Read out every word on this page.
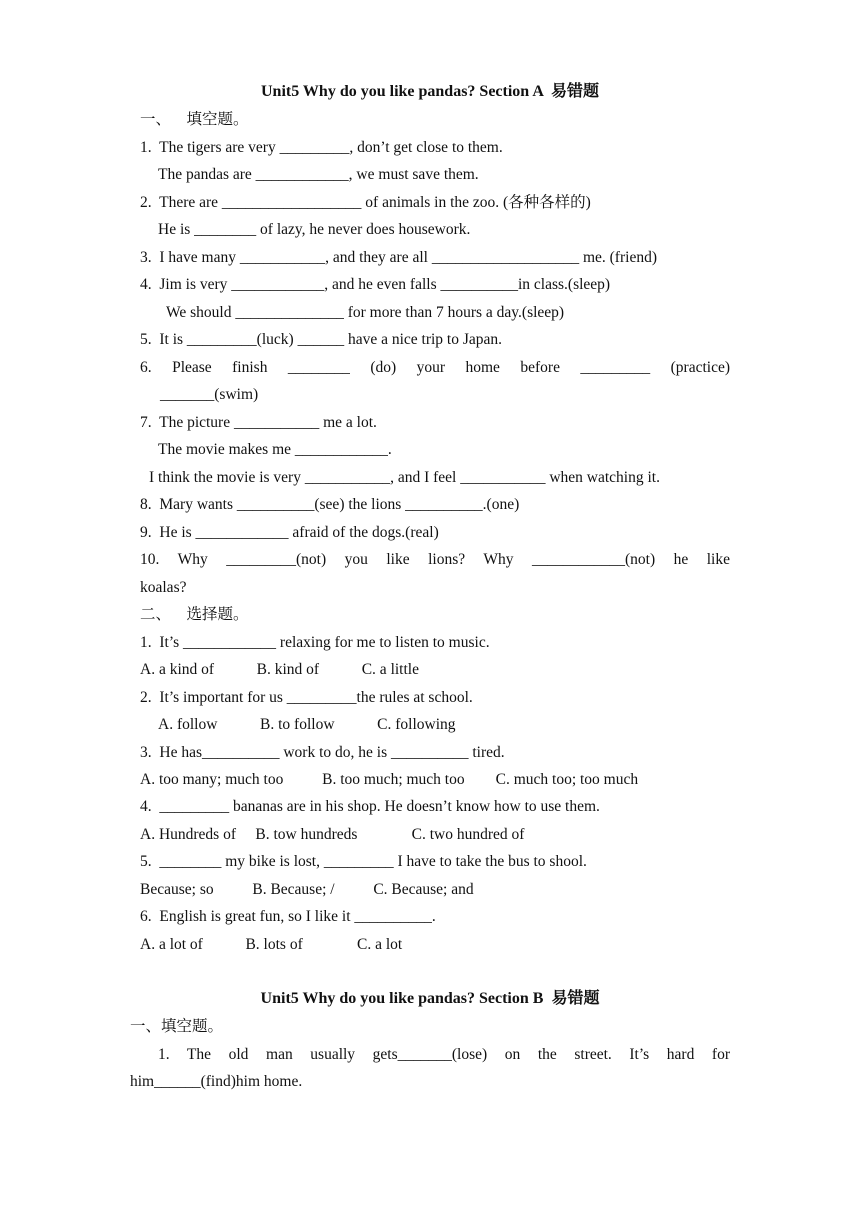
Unit5 Why do you like pandas? Section A  易错题
一、    填空题。
1.  The tigers are very _________, don’t get close to them.
The pandas are ____________, we must save them.
2.  There are __________________ of animals in the zoo. (各种各样的)
He is ________ of lazy, he never does housework.
3.  I have many ___________, and they are all ___________________ me. (friend)
4.  Jim is very ____________, and he even falls __________in class.(sleep)
We should ______________ for more than 7 hours a day.(sleep)
5.  It is _________(luck) ______ have a nice trip to Japan.
6. Please finish ________ (do) your home before _________ (practice)
_______(swim)
7.  The picture ___________ me a lot.
The movie makes me ____________.
I think the movie is very ___________, and I feel ___________ when watching it.
8.  Mary wants __________(see) the lions __________.(one)
9.  He is ____________ afraid of the dogs.(real)
10. Why _________(not) you like lions? Why ____________(not) he like
koalas?
二、    选择题。
1.  It’s ____________ relaxing for me to listen to music.
A. a kind of           B. kind of           C. a little
2.  It’s important for us _________the rules at school.
A. follow           B. to follow           C. following
3.  He has__________ work to do, he is __________ tired.
A. too many; much too          B. too much; much too        C. much too; too much
4.  _________ bananas are in his shop. He doesn’t know how to use them.
A. Hundreds of     B. tow hundreds              C. two hundred of
5.  ________ my bike is lost, _________ I have to take the bus to shool.
Because; so          B. Because; /          C. Because; and
6.  English is great fun, so I like it __________.
A. a lot of           B. lots of              C. a lot
Unit5 Why do you like pandas? Section B  易错题
一、填空题。
1. The old man usually gets_______(lose) on the street. It’s hard for
him______(find)him home.
